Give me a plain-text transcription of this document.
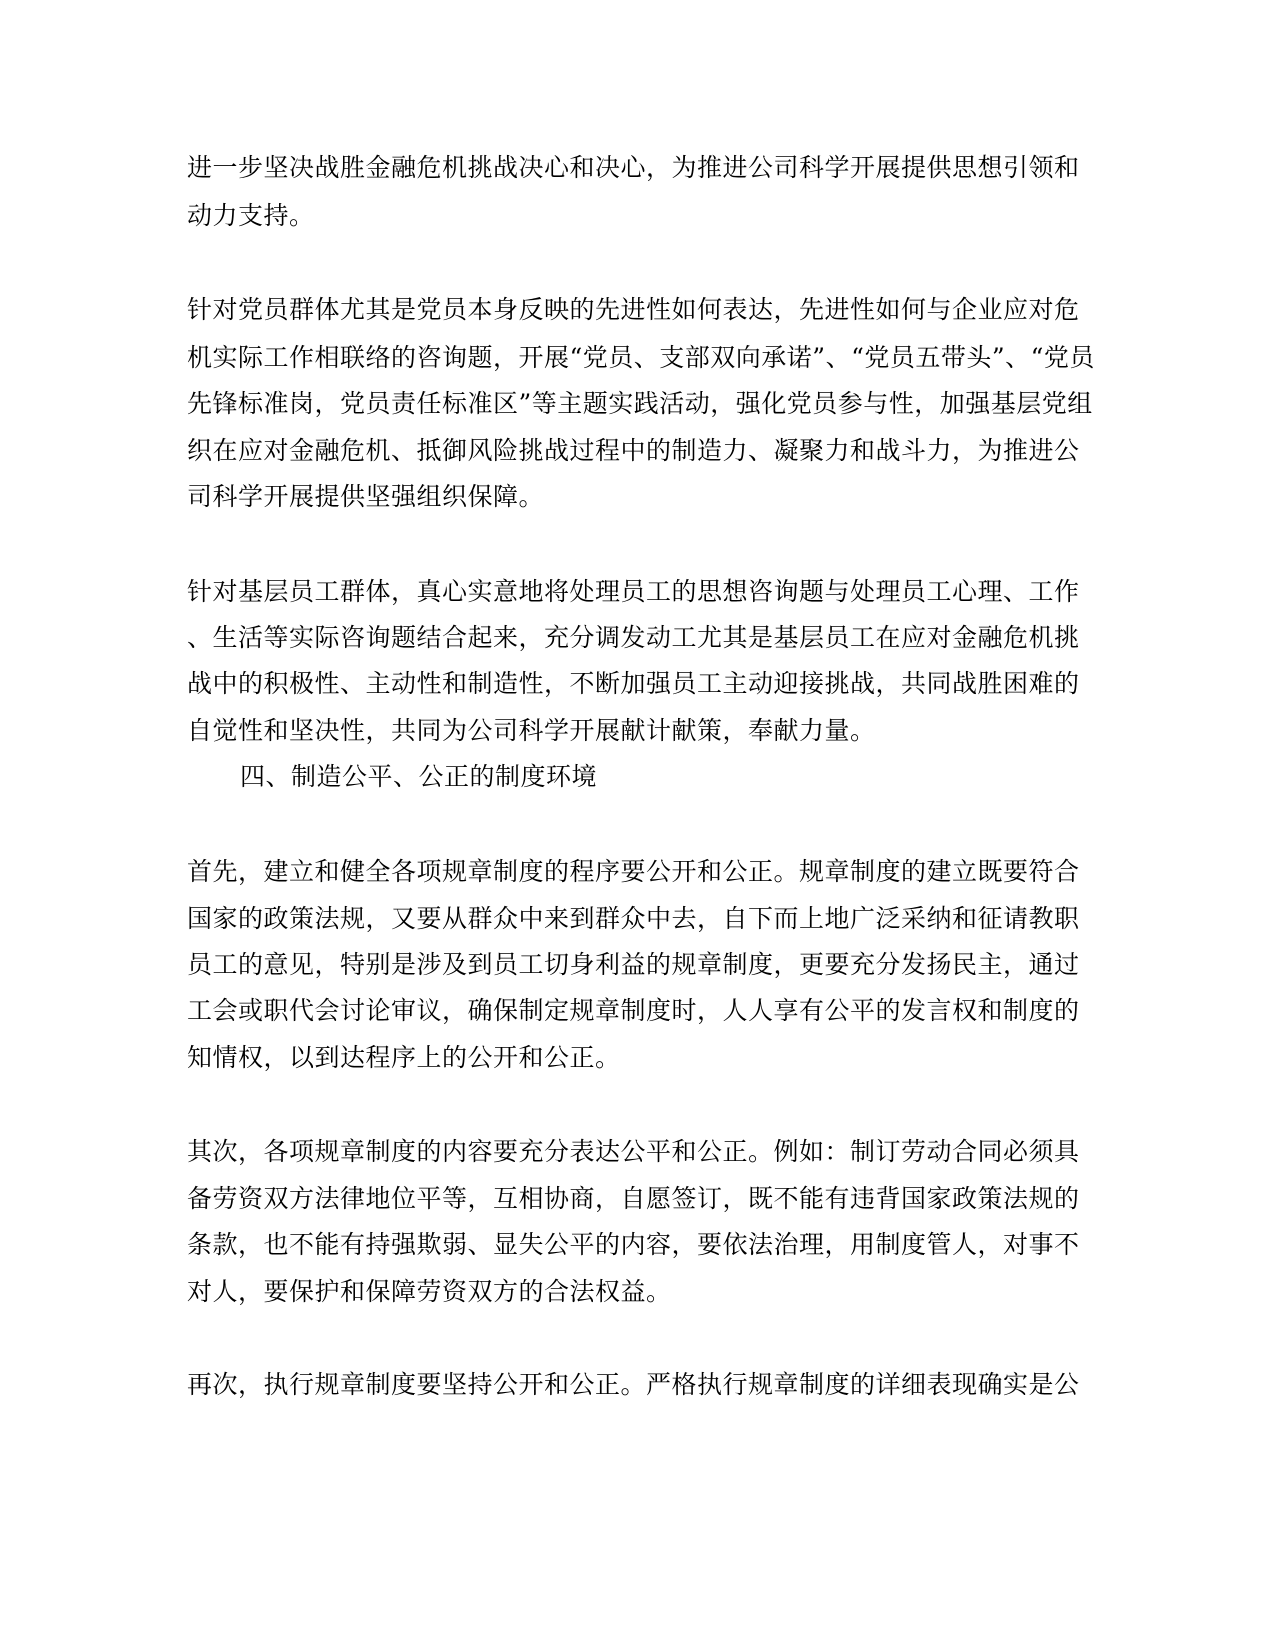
进一步坚决战胜金融危机挑战决心和决心，为推进公司科学开展提供思想引领和
动力支持。
针对党员群体尤其是党员本身反映的先进性如何表达，先进性如何与企业应对危
机实际工作相联络的咨询题，开展“党员、支部双向承诺”、“党员五带头”、“党员
先锋标准岗，党员责任标准区”等主题实践活动，强化党员参与性，加强基层党组
织在应对金融危机、抵御风险挑战过程中的制造力、凝聚力和战斗力，为推进公
司科学开展提供坚强组织保障。
针对基层员工群体，真心实意地将处理员工的思想咨询题与处理员工心理、工作
、生活等实际咨询题结合起来，充分调发动工尤其是基层员工在应对金融危机挑
战中的积极性、主动性和制造性，不断加强员工主动迎接挑战，共同战胜困难的
自觉性和坚决性，共同为公司科学开展献计献策，奉献力量。
四、制造公平、公正的制度环境
首先，建立和健全各项规章制度的程序要公开和公正。规章制度的建立既要符合
国家的政策法规，又要从群众中来到群众中去，自下而上地广泛采纳和征请教职
员工的意见，特别是涉及到员工切身利益的规章制度，更要充分发扬民主，通过
工会或职代会讨论审议，确保制定规章制度时，人人享有公平的发言权和制度的
知情权，以到达程序上的公开和公正。
其次，各项规章制度的内容要充分表达公平和公正。例如：制订劳动合同必须具
备劳资双方法律地位平等，互相协商，自愿签订，既不能有违背国家政策法规的
条款，也不能有持强欺弱、显失公平的内容，要依法治理，用制度管人，对事不
对人，要保护和保障劳资双方的合法权益。
再次，执行规章制度要坚持公开和公正。严格执行规章制度的详细表现确实是公
